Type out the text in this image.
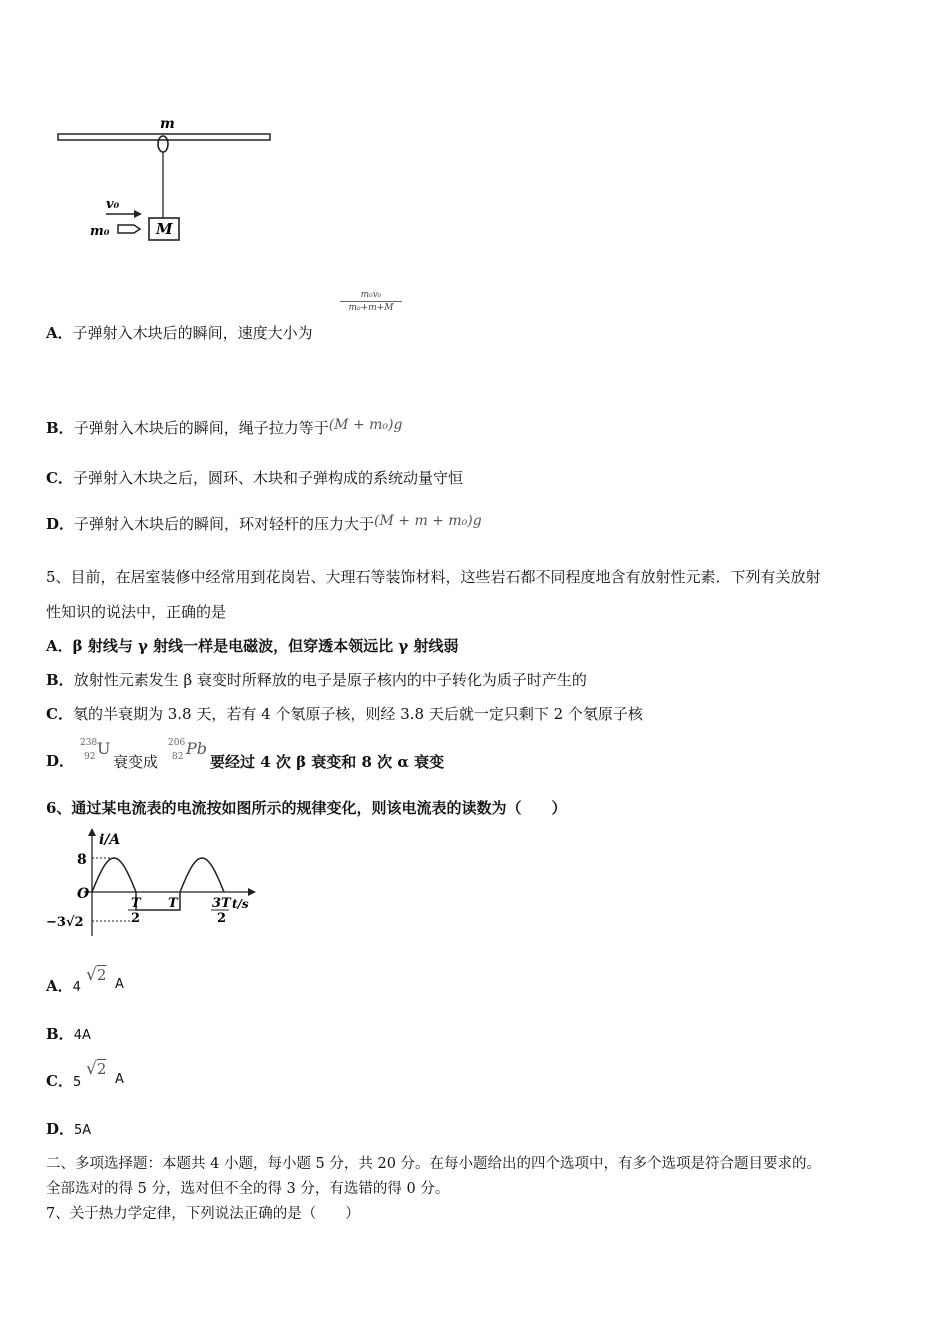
M
m
v₀
m₀
$\frac{\text{m₀v₀}}{\text{m₀+m+M}}$
A．子弹射入木块后的瞬间，速度大小为
B．子弹射入木块后的瞬间，绳子拉力等于(M + m₀)g
C．子弹射入木块之后，圆环、木块和子弹构成的系统动量守恒
D．子弹射入木块后的瞬间，环对轻杆的压力大于(M + m + m₀)g
5、目前，在居室装修中经常用到花岗岩、大理石等装饰材料，这些岩石都不同程度地含有放射性元素．下列有关放射
性知识的说法中，正确的是
A．β 射线与 γ 射线一样是电磁波，但穿透本领远比 γ 射线弱
B．放射性元素发生 β 衰变时所释放的电子是原子核内的中子转化为质子时产生的
C．氡的半衰期为 3.8 天，若有 4 个氡原子核，则经 3.8 天后就一定只剩下 2 个氡原子核
D．
238
92 U
衰变成
206
82 Pb
要经过 4 次 β 衰变和 8 次 α 衰变
6、通过某电流表的电流按如图所示的规律变化，则该电流表的读数为（　　）
i/A
t/s
O
8
−3√2
T
2
T	3T
2
A．4
√2
A
B．4A
C．5
√2
A
D．5A
二、多项选择题：本题共 4 小题，每小题 5 分，共 20 分。在每小题给出的四个选项中，有多个选项是符合题目要求的。
全部选对的得 5 分，选对但不全的得 3 分，有选错的得 0 分。
7、关于热力学定律，下列说法正确的是（　　）
